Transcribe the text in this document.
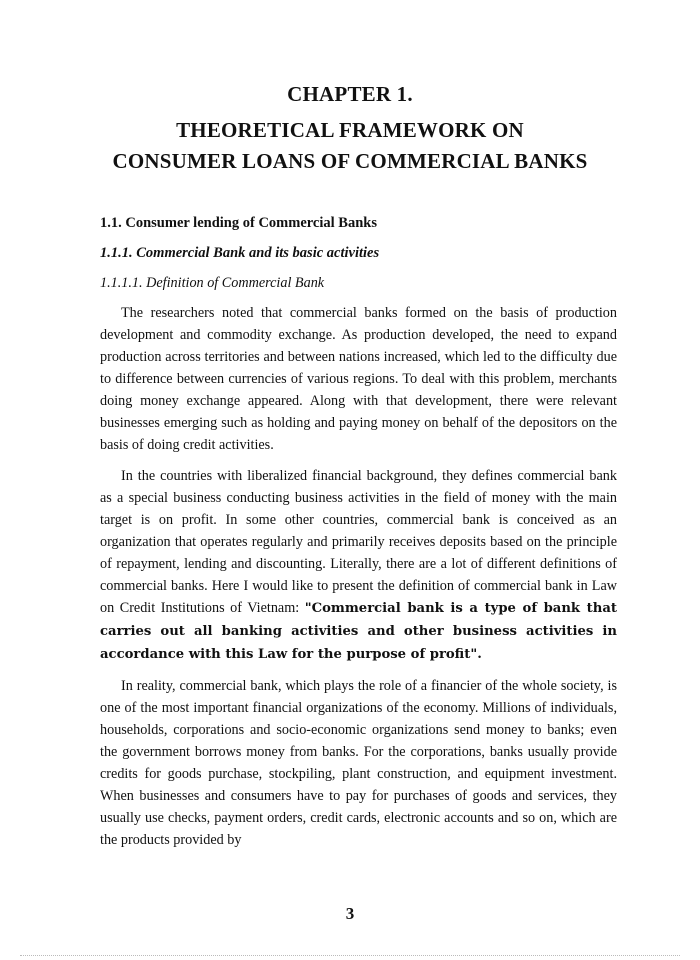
CHAPTER 1.
THEORETICAL FRAMEWORK ON
CONSUMER LOANS OF COMMERCIAL BANKS
1.1. Consumer lending of Commercial Banks
1.1.1. Commercial Bank and its basic activities
1.1.1.1. Definition of Commercial Bank

The researchers noted that commercial banks formed on the basis of production development and commodity exchange. As production developed, the need to expand production across territories and between nations increased, which led to the difficulty due to difference between currencies of various regions. To deal with this problem, merchants doing money exchange appeared. Along with that development, there were relevant businesses emerging such as holding and paying money on behalf of the depositors on the basis of doing credit activities.

In the countries with liberalized financial background, they defines commercial bank as a special business conducting business activities in the field of money with the main target is on profit. In some other countries, commercial bank is conceived as an organization that operates regularly and primarily receives deposits based on the principle of repayment, lending and discounting. Literally, there are a lot of different definitions of commercial banks. Here I would like to present the definition of commercial bank in Law on Credit Institutions of Vietnam: "Commercial bank is a type of bank that carries out all banking activities and other business activities in accordance with this Law for the purpose of profit".

In reality, commercial bank, which plays the role of a financier of the whole society, is one of the most important financial organizations of the economy. Millions of individuals, households, corporations and socio-economic organizations send money to banks; even the government borrows money from banks. For the corporations, banks usually provide credits for goods purchase, stockpiling, plant construction, and equipment investment. When businesses and consumers have to pay for purchases of goods and services, they usually use checks, payment orders, credit cards, electronic accounts and so on, which are the products provided by

3
